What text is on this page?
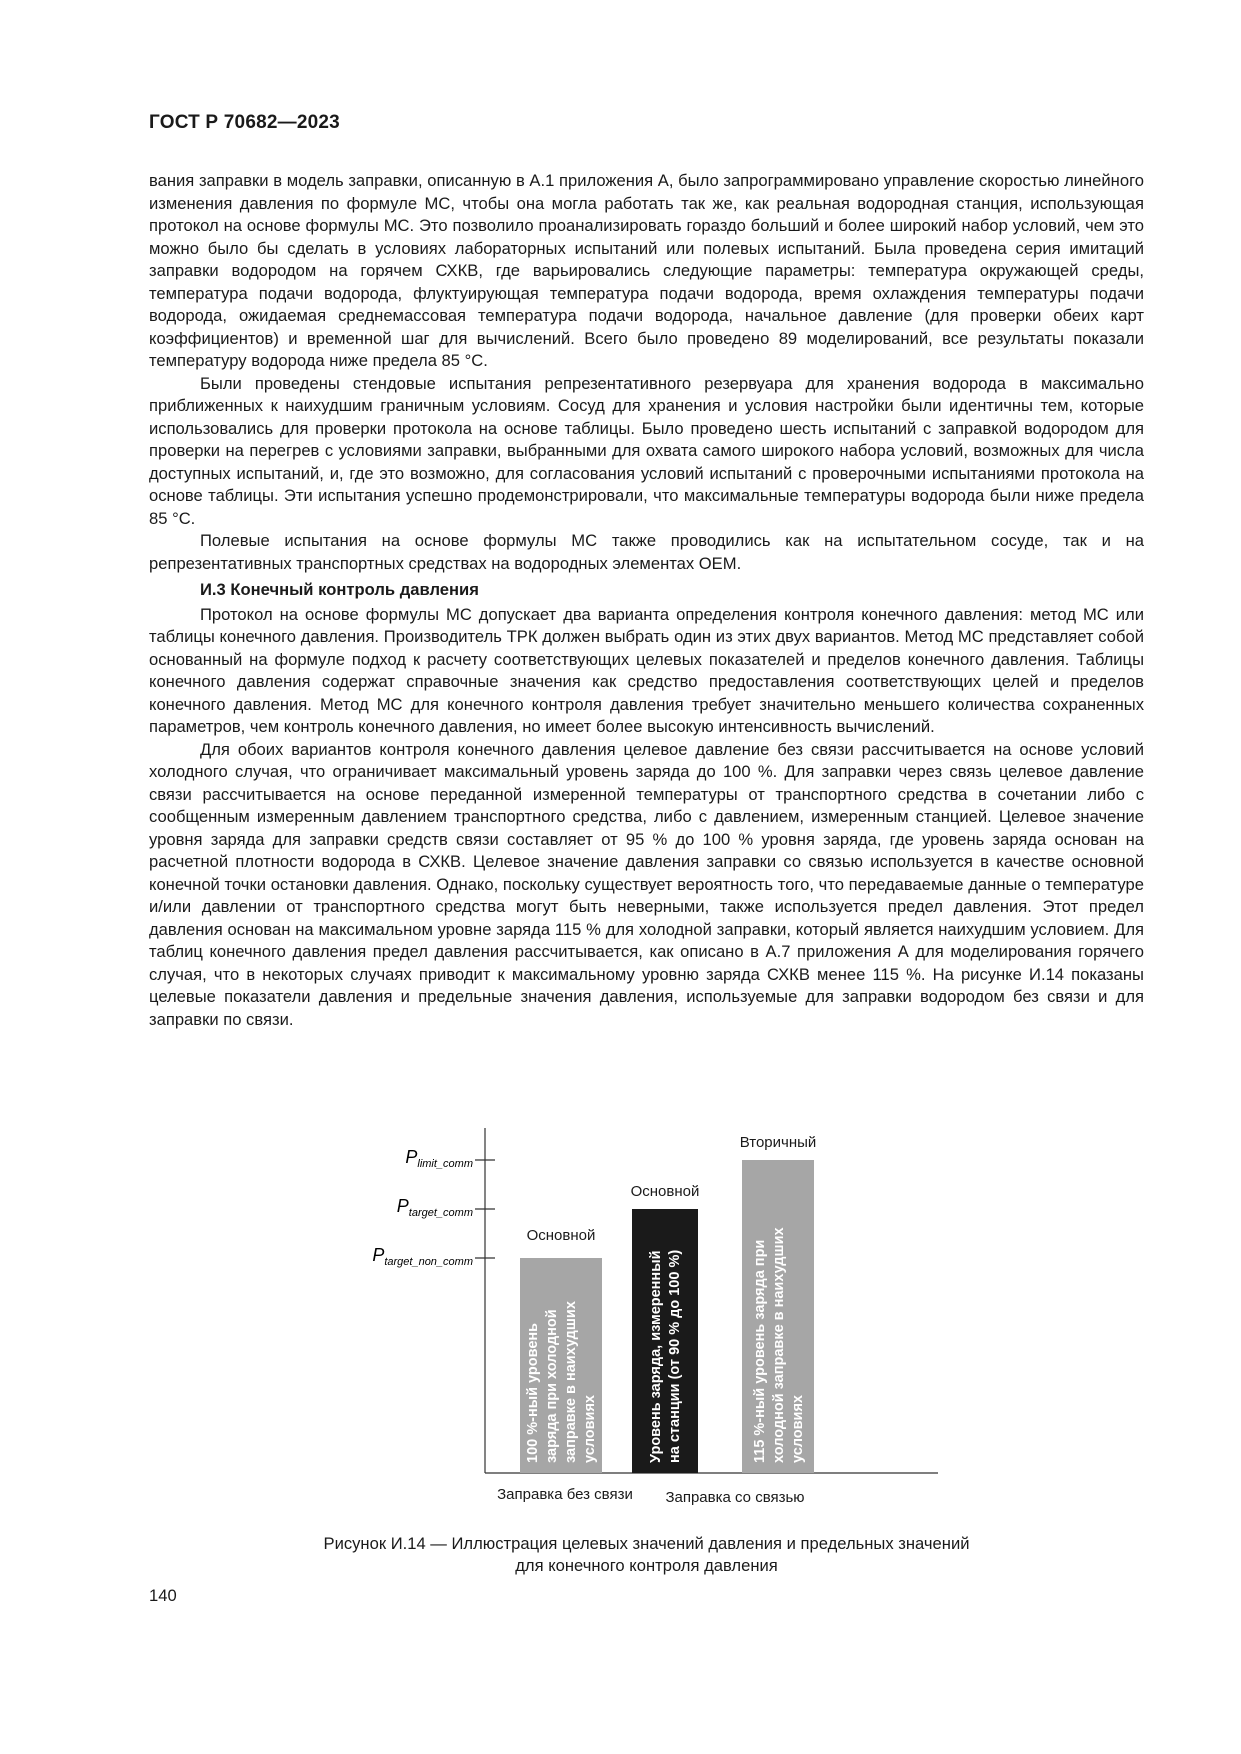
ГОСТ Р 70682—2023

вания заправки в модель заправки, описанную в А.1 приложения А, было запрограммировано управление скоростью линейного изменения давления по формуле МС, чтобы она могла работать так же, как реальная водородная станция, использующая протокол на основе формулы МС. Это позволило проанализировать гораздо больший и более широкий набор условий, чем это можно было бы сделать в условиях лабораторных испытаний или полевых испытаний. Была проведена серия имитаций заправки водородом на горячем СХКВ, где варьировались следующие параметры: температура окружающей среды, температура подачи водорода, флуктуирующая температура подачи водорода, время охлаждения температуры подачи водорода, ожидаемая среднемассовая температура подачи водорода, начальное давление (для проверки обеих карт коэффициентов) и временной шаг для вычислений. Всего было проведено 89 моделирований, все результаты показали температуру водорода ниже предела 85 °С.

Были проведены стендовые испытания репрезентативного резервуара для хранения водорода в максимально приближенных к наихудшим граничным условиям. Сосуд для хранения и условия настройки были идентичны тем, которые использовались для проверки протокола на основе таблицы. Было проведено шесть испытаний с заправкой водородом для проверки на перегрев с условиями заправки, выбранными для охвата самого широкого набора условий, возможных для числа доступных испытаний, и, где это возможно, для согласования условий испытаний с проверочными испытаниями протокола на основе таблицы. Эти испытания успешно продемонстрировали, что максимальные температуры водорода были ниже предела 85 °С.

Полевые испытания на основе формулы МС также проводились как на испытательном сосуде, так и на репрезентативных транспортных средствах на водородных элементах OEM.

И.3 Конечный контроль давления

Протокол на основе формулы МС допускает два варианта определения контроля конечного давления: метод МС или таблицы конечного давления. Производитель ТРК должен выбрать один из этих двух вариантов. Метод МС представляет собой основанный на формуле подход к расчету соответствующих целевых показателей и пределов конечного давления. Таблицы конечного давления содержат справочные значения как средство предоставления соответствующих целей и пределов конечного давления. Метод МС для конечного контроля давления требует значительно меньшего количества сохраненных параметров, чем контроль конечного давления, но имеет более высокую интенсивность вычислений.

Для обоих вариантов контроля конечного давления целевое давление без связи рассчитывается на основе условий холодного случая, что ограничивает максимальный уровень заряда до 100 %. Для заправки через связь целевое давление связи рассчитывается на основе переданной измеренной температуры от транспортного средства в сочетании либо с сообщенным измеренным давлением транспортного средства, либо с давлением, измеренным станцией. Целевое значение уровня заряда для заправки средств связи составляет от 95 % до 100 % уровня заряда, где уровень заряда основан на расчетной плотности водорода в СХКВ. Целевое значение давления заправки со связью используется в качестве основной конечной точки остановки давления. Однако, поскольку существует вероятность того, что передаваемые данные о температуре и/или давлении от транспортного средства могут быть неверными, также используется предел давления. Этот предел давления основан на максимальном уровне заряда 115 % для холодной заправки, который является наихудшим условием. Для таблиц конечного давления предел давления рассчитывается, как описано в А.7 приложения А для моделирования горячего случая, что в некоторых случаях приводит к максимальному уровню заряда СХКВ менее 115 %. На рисунке И.14 показаны целевые показатели давления и предельные значения давления, используемые для заправки водородом без связи и для заправки по связи.

$P_{limit\_comm}$
$P_{target\_comm}$
$P_{target\_non\_comm}$
Основной
100 %-ный уровень заряда при холодной заправке в наихудших условиях
Основной
Уровень заряда, измеренный на станции (от 90 % до 100 %)
Вторичный
115 %-ный уровень заряда при холодной заправке в наихудших условиях
Заправка без связи Заправка со связью
Рисунок И.14 — Иллюстрация целевых значений давления и предельных значений
для конечного контроля давления
140
